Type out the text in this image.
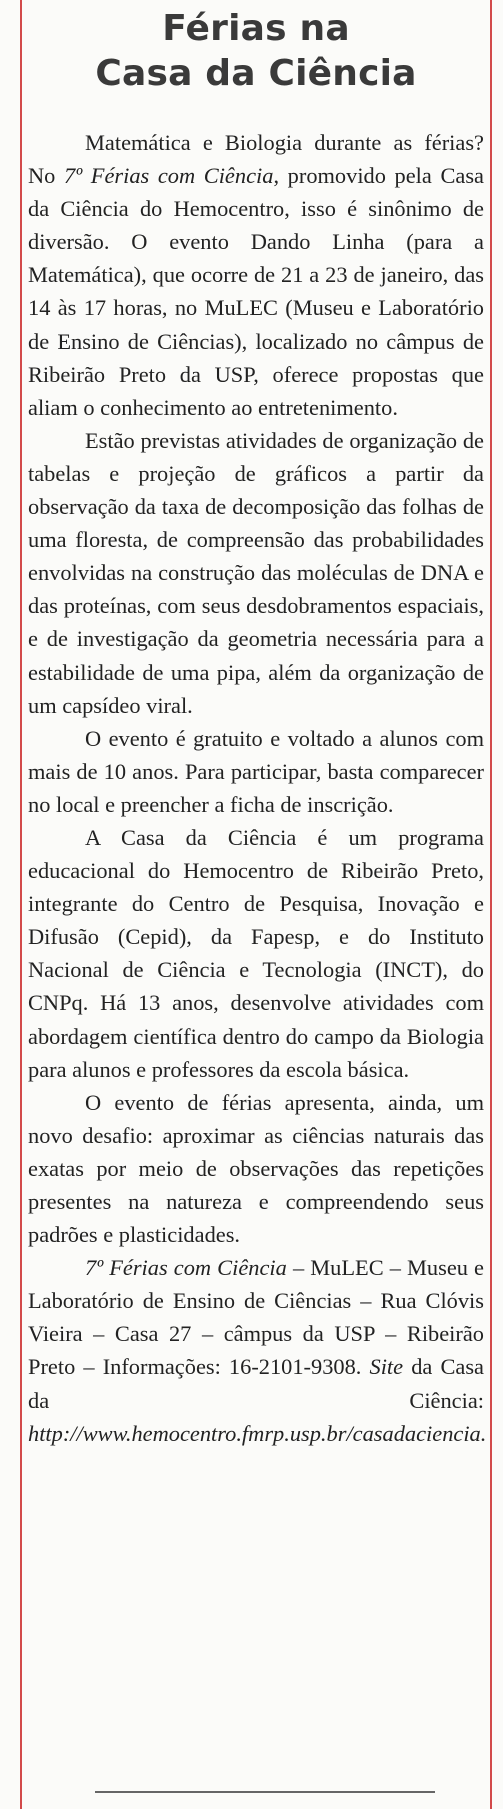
Férias na
Casa da Ciência

Matemática e Biologia durante as férias? No 7º Férias com Ciência, promovido pela Casa da Ciência do Hemocentro, isso é sinônimo de diversão. O evento Dando Linha (para a Matemática), que ocorre de 21 a 23 de janeiro, das 14 às 17 horas, no MuLEC (Museu e Laboratório de Ensino de Ciências), localizado no câmpus de Ribeirão Preto da USP, oferece propostas que aliam o conhecimento ao entretenimento.

Estão previstas atividades de organização de tabelas e projeção de gráficos a partir da observação da taxa de decomposição das folhas de uma floresta, de compreensão das probabilidades envolvidas na construção das moléculas de DNA e das proteínas, com seus desdobramentos espaciais, e de investigação da geometria necessária para a estabilidade de uma pipa, além da organização de um capsídeo viral.

O evento é gratuito e voltado a alunos com mais de 10 anos. Para participar, basta comparecer no local e preencher a ficha de inscrição.

A Casa da Ciência é um programa educacional do Hemocentro de Ribeirão Preto, integrante do Centro de Pesquisa, Inovação e Difusão (Cepid), da Fapesp, e do Instituto Nacional de Ciência e Tecnologia (INCT), do CNPq. Há 13 anos, desenvolve atividades com abordagem científica dentro do campo da Biologia para alunos e professores da escola básica.

O evento de férias apresenta, ainda, um novo desafio: aproximar as ciências naturais das exatas por meio de observações das repetições presentes na natureza e compreendendo seus padrões e plasticidades.

7º Férias com Ciência – MuLEC – Museu e Laboratório de Ensino de Ciências – Rua Clóvis Vieira – Casa 27 – câmpus da USP – Ribeirão Preto – Informações: 16-2101-9308. Site da Casa da Ciência: http://www.hemocentro.fmrp.usp.br/casadaciencia.
